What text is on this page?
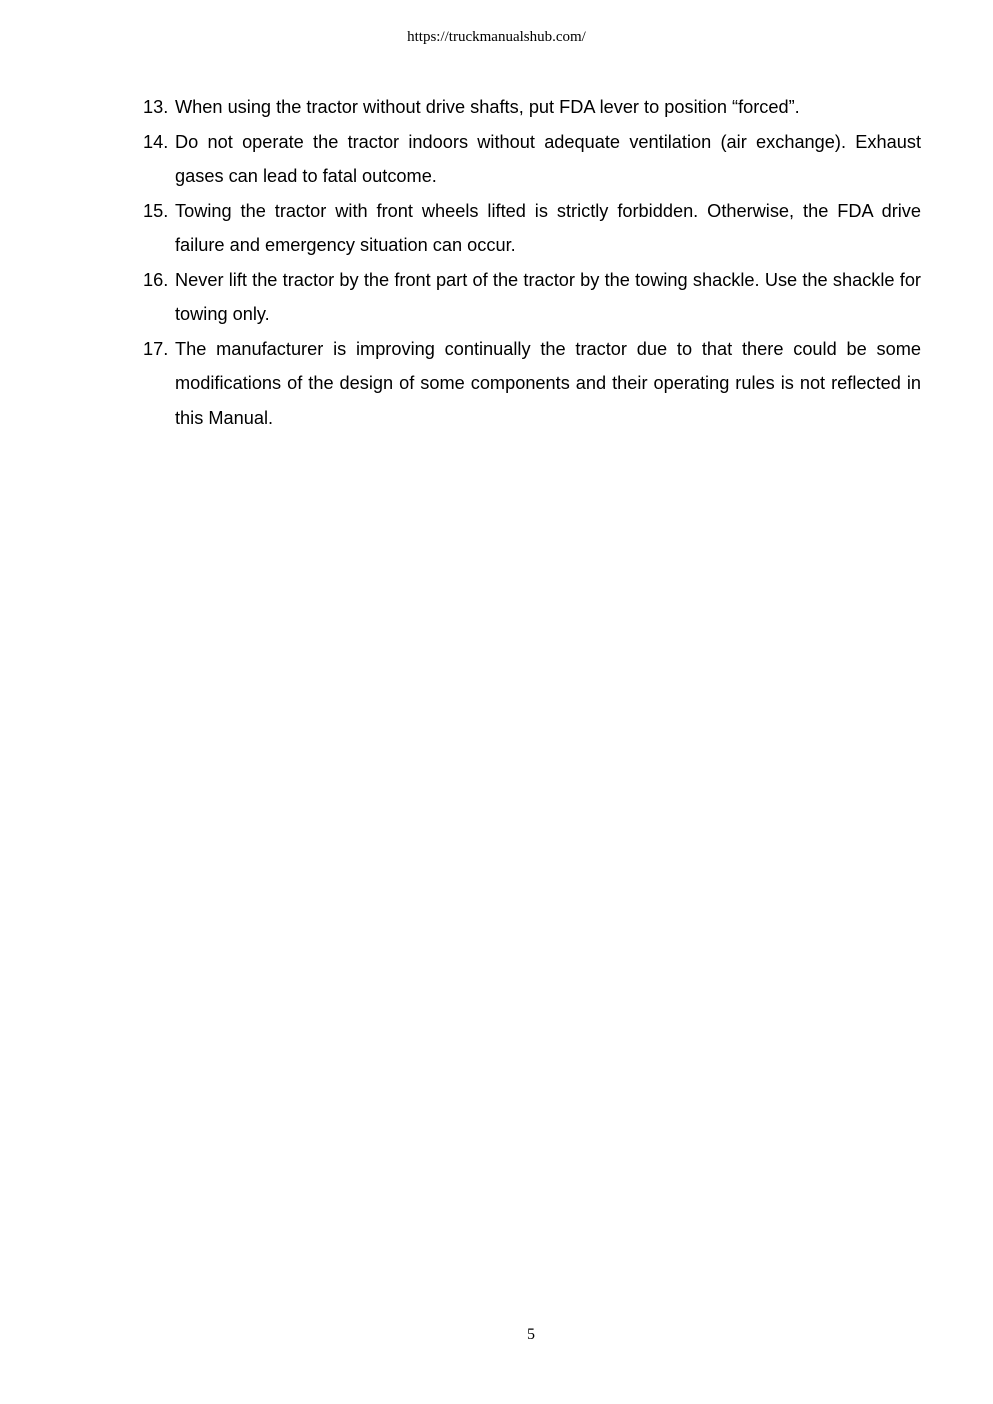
https://truckmanualshub.com/
13. When using the tractor without drive shafts, put FDA lever to position “forced”.
14. Do not operate the tractor indoors without adequate ventilation (air exchange). Exhaust gases can lead to fatal outcome.
15. Towing the tractor with front wheels lifted is strictly forbidden. Otherwise, the FDA drive failure and emergency situation can occur.
16. Never lift the tractor by the front part of the tractor by the towing shackle. Use the shackle for towing only.
17. The manufacturer is improving continually the tractor due to that there could be some modifications of the design of some components and their operating rules is not reflected in this Manual.
5
